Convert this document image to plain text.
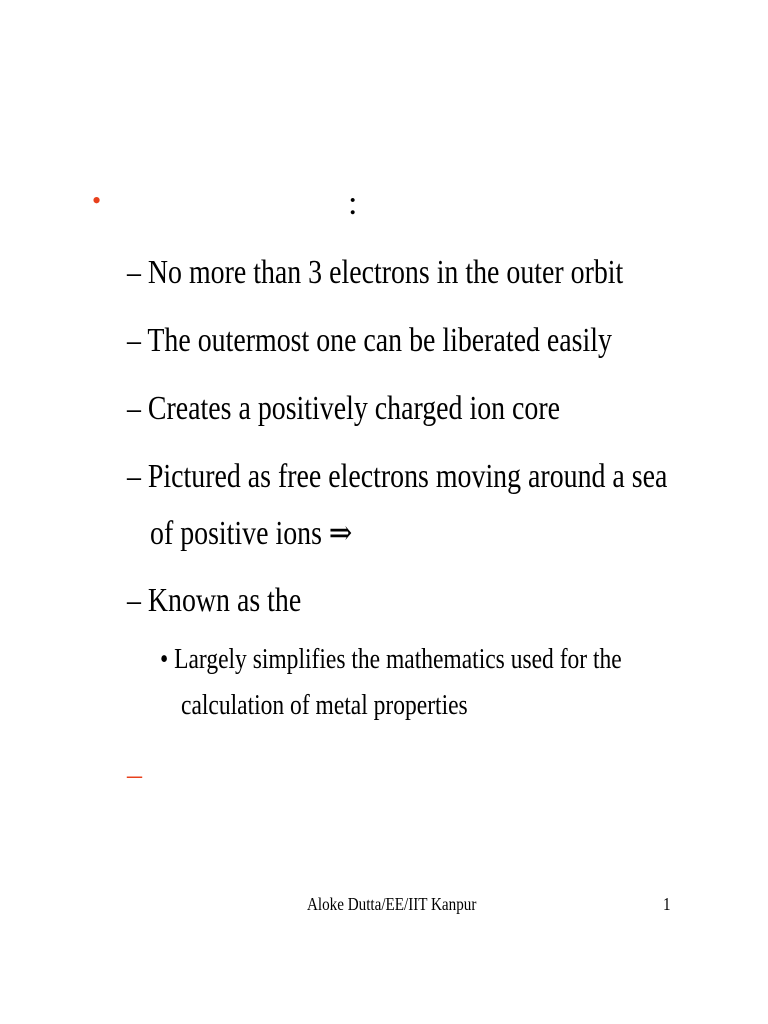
•	:
– No more than 3 electrons in the outer orbit
– The outermost one can be liberated easily
– Creates a positively charged ion core
– Pictured as free electrons moving around a sea
of positive ions ⇒
– Known as the
• Largely simplifies the mathematics used for the
calculation of metal properties
–
Aloke Dutta/EE/IIT Kanpur	1
